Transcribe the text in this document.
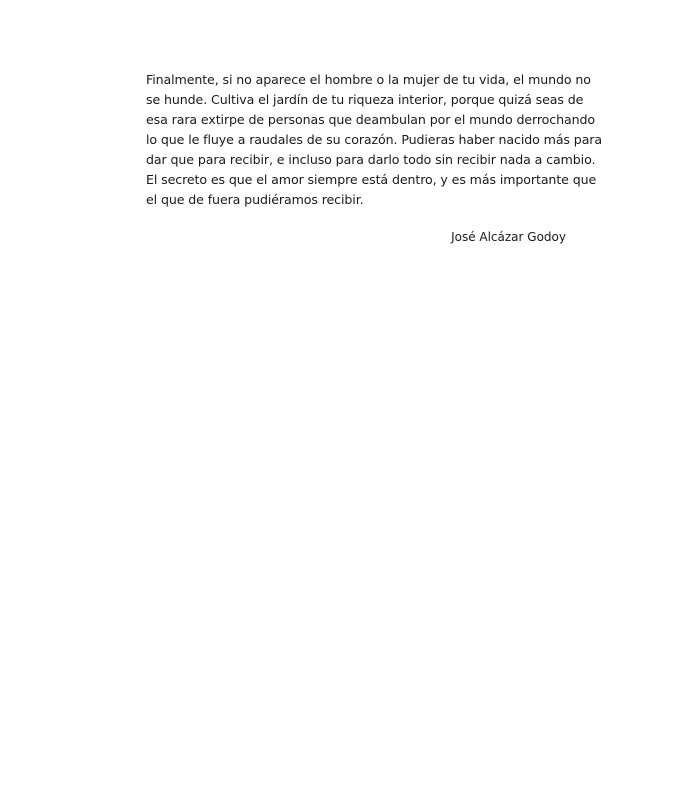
Finalmente, si no aparece el hombre o la mujer de tu vida, el mundo no
se hunde. Cultiva el jardín de tu riqueza interior, porque quizá seas de
esa rara extirpe de personas que deambulan por el mundo derrochando
lo que le fluye a raudales de su corazón. Pudieras haber nacido más para
dar que para recibir, e incluso para darlo todo sin recibir nada a cambio.
El secreto es que el amor siempre está dentro, y es más importante que
el que de fuera pudiéramos recibir.
José Alcázar Godoy
